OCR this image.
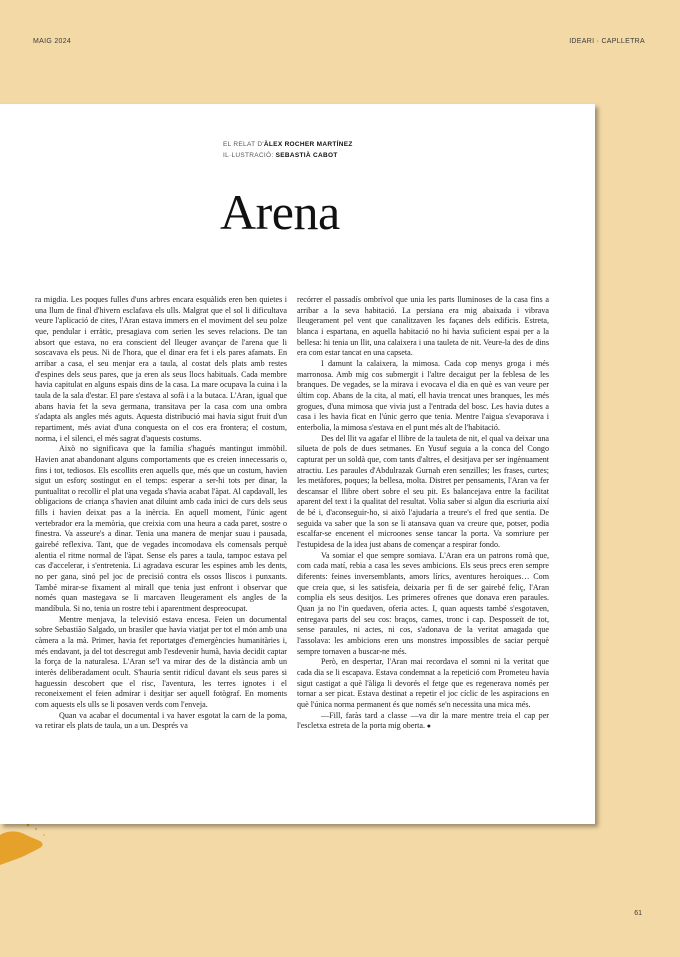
MAIG 2024	IDEARI · CAPLLETRA
EL RELAT D'ÀLEX ROCHER MARTÍNEZ
IL·LUSTRACIÓ: SEBASTIÀ CABOT
Arena

ra migdia. Les poques fulles d'uns arbres encara esquàlids eren ben quietes i una llum de final d'hivern esclafava els ulls. Malgrat que el sol li dificultava veure l'aplicació de cites, l'Aran estava immers en el moviment del seu polze que, pendular i erràtic, presagiava com serien les seves relacions. De tan absort que estava, no era conscient del lleuger avançar de l'arena que li soscavava els peus. Ni de l'hora, que el dinar era fet i els pares afamats. En arribar a casa, el seu menjar era a taula, al costat dels plats amb restes d'espines dels seus pares, que ja eren als seus llocs habituals. Cada membre havia capitulat en alguns espais dins de la casa. La mare ocupava la cuina i la taula de la sala d'estar. El pare s'estava al sofà i a la butaca. L'Aran, igual que abans havia fet la seva germana, transitava per la casa com una ombra s'adapta als angles més aguts. Aquesta distribució mai havia sigut fruit d'un repartiment, més aviat d'una conquesta on el cos era frontera; el costum, norma, i el silenci, el més sagrat d'aquests costums.

Això no significava que la família s'hagués mantingut immòbil. Havien anat abandonant alguns comportaments que es creien innecessaris o, fins i tot, tediosos. Els escollits eren aquells que, més que un costum, havien sigut un esforç sostingut en el temps: esperar a ser-hi tots per dinar, la puntualitat o recollir el plat una vegada s'havia acabat l'àpat. Al capdavall, les obligacions de criança s'havien anat diluint amb cada inici de curs dels seus fills i havien deixat pas a la inèrcia. En aquell moment, l'únic agent vertebrador era la memòria, que creixia com una heura a cada paret, sostre o finestra. Va asseure's a dinar. Tenia una manera de menjar suau i pausada, gairebé reflexiva. Tant, que de vegades incomodava els comensals perquè alentia el ritme normal de l'àpat. Sense els pares a taula, tampoc estava pel cas d'accelerar, i s'entretenia. Li agradava escurar les espines amb les dents, no per gana, sinó pel joc de precisió contra els ossos lliscos i punxants. També mirar-se fixament al mirall que tenia just enfront i observar que només quan mastegava se li marcaven lleugerament els angles de la mandíbula. Si no, tenia un rostre tebi i aparentment despreocupat.

Mentre menjava, la televisió estava encesa. Feien un documental sobre Sebastião Salgado, un brasiler que havia viatjat per tot el món amb una càmera a la mà. Primer, havia fet reportatges d'emergències humanitàries i, més endavant, ja del tot descregut amb l'esdevenir humà, havia decidit captar la força de la naturalesa. L'Aran se'l va mirar des de la distància amb un interès deliberadament ocult. S'hauria sentit ridícul davant els seus pares si haguessin descobert que el risc, l'aventura, les terres ignotes i el reconeixement el feien admirar i desitjar ser aquell fotògraf. En moments com aquests els ulls se li posaven verds com l'enveja.

Quan va acabar el documental i va haver esgotat la carn de la poma, va retirar els plats de taula, un a un. Després va

recórrer el passadís ombrívol que unia les parts lluminoses de la casa fins a arribar a la seva habitació. La persiana era mig abaixada i vibrava lleugerament pel vent que canalitzaven les façanes dels edificis. Estreta, blanca i espartana, en aquella habitació no hi havia suficient espai per a la bellesa: hi tenia un llit, una calaixera i una tauleta de nit. Veure-la des de dins era com estar tancat en una capseta.

I damunt la calaixera, la mimosa. Cada cop menys groga i més marronosa. Amb mig cos submergit i l'altre decaigut per la feblesa de les branques. De vegades, se la mirava i evocava el dia en què es van veure per últim cop. Abans de la cita, al matí, ell havia trencat unes branques, les més grogues, d'una mimosa que vivia just a l'entrada del bosc. Les havia dutes a casa i les havia ficat en l'únic gerro que tenia. Mentre l'aigua s'evaporava i enterbolia, la mimosa s'estava en el punt més alt de l'habitació.

Des del llit va agafar el llibre de la tauleta de nit, el qual va deixar una silueta de pols de dues setmanes. En Yusuf seguia a la conca del Congo capturat per un soldà que, com tants d'altres, el desitjava per ser ingènuament atractiu. Les paraules d'Abdulrazak Gurnah eren senzilles; les frases, curtes; les metàfores, poques; la bellesa, molta. Distret per pensaments, l'Aran va fer descansar el llibre obert sobre el seu pit. Es balancejava entre la facilitat aparent del text i la qualitat del resultat. Volia saber si algun dia escriuria així de bé i, d'aconseguir-ho, si això l'ajudaria a treure's el fred que sentia. De seguida va saber que la son se li atansava quan va creure que, potser, podia escalfar-se encenent el microones sense tancar la porta. Va somriure per l'estupidesa de la idea just abans de començar a respirar fondo.

Va somiar el que sempre somiava. L'Aran era un patrons romà que, com cada matí, rebia a casa les seves ambicions. Els seus precs eren sempre diferents: feines inversemblants, amors lírics, aventures heroiques… Com que creia que, si les satisfeia, deixaria per fi de ser gairebé feliç, l'Aran complia els seus desitjos. Les primeres ofrenes que donava eren paraules. Quan ja no l'in quedaven, oferia actes. I, quan aquests també s'esgotaven, entregava parts del seu cos: braços, cames, tronc i cap. Desposseït de tot, sense paraules, ni actes, ni cos, s'adonava de la veritat amagada que l'assolava: les ambicions eren uns monstres impossibles de saciar perquè sempre tornaven a buscar-ne més.

Però, en despertar, l'Aran mai recordava el somni ni la veritat que cada dia se li escapava. Estava condemnat a la repetició com Prometeu havia sigut castigat a què l'àliga li devorés el fetge que es regenerava només per tornar a ser picat. Estava destinat a repetir el joc cíclic de les aspiracions en què l'única norma permanent és que només se'n necessita una mica més.

—Fill, faràs tard a classe —va dir la mare mentre treia el cap per l'escletxa estreta de la porta mig oberta. ●

61
